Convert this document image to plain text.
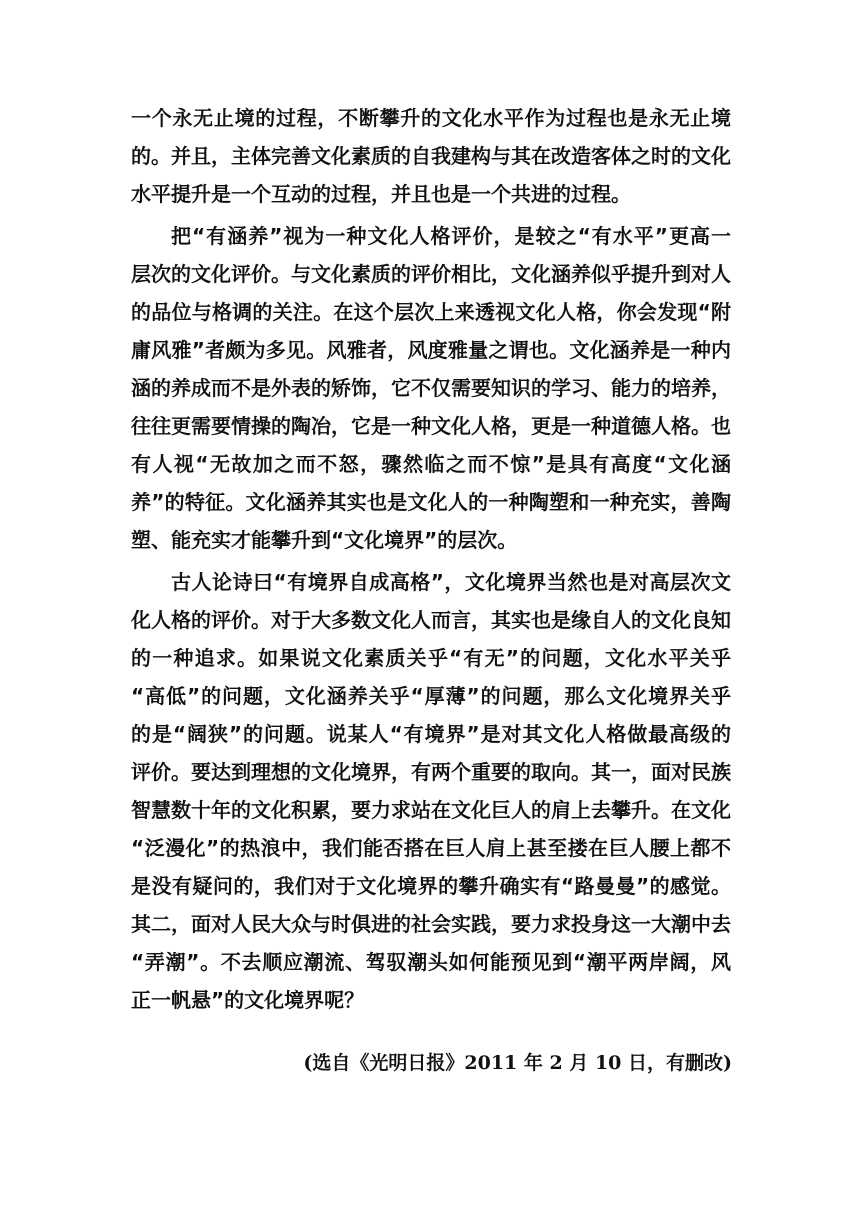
一个永无止境的过程，不断攀升的文化水平作为过程也是永无止境
的。并且，主体完善文化素质的自我建构与其在改造客体之时的文化
水平提升是一个互动的过程，并且也是一个共进的过程。
把“有涵养”视为一种文化人格评价，是较之“有水平”更高一
层次的文化评价。与文化素质的评价相比，文化涵养似乎提升到对人
的品位与格调的关注。在这个层次上来透视文化人格，你会发现“附
庸风雅”者颇为多见。风雅者，风度雅量之谓也。文化涵养是一种内
涵的养成而不是外表的矫饰，它不仅需要知识的学习、能力的培养，
往往更需要情操的陶冶，它是一种文化人格，更是一种道德人格。也
有人视“无故加之而不怒，骤然临之而不惊”是具有高度“文化涵
养”的特征。文化涵养其实也是文化人的一种陶塑和一种充实，善陶
塑、能充实才能攀升到“文化境界”的层次。
古人论诗曰“有境界自成高格”，文化境界当然也是对高层次文
化人格的评价。对于大多数文化人而言，其实也是缘自人的文化良知
的一种追求。如果说文化素质关乎“有无”的问题，文化水平关乎
“高低”的问题，文化涵养关乎“厚薄”的问题，那么文化境界关乎
的是“阔狭”的问题。说某人“有境界”是对其文化人格做最高级的
评价。要达到理想的文化境界，有两个重要的取向。其一，面对民族
智慧数十年的文化积累，要力求站在文化巨人的肩上去攀升。在文化
“泛漫化”的热浪中，我们能否搭在巨人肩上甚至搂在巨人腰上都不
是没有疑问的，我们对于文化境界的攀升确实有“路曼曼”的感觉。
其二，面对人民大众与时俱进的社会实践，要力求投身这一大潮中去
“弄潮”。不去顺应潮流、驾驭潮头如何能预见到“潮平两岸阔，风
正一帆悬”的文化境界呢？
(选自《光明日报》2011 年 2 月 10 日，有删改)
